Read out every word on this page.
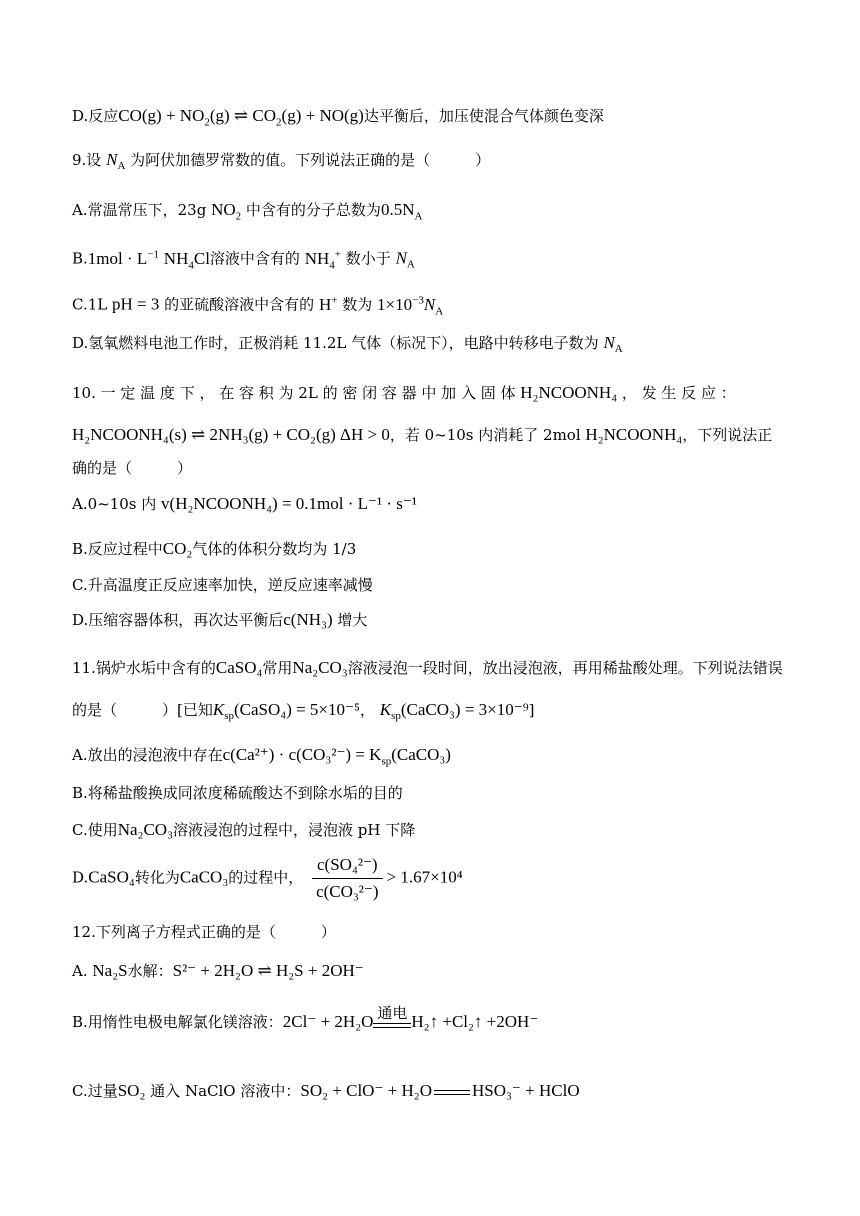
D.反应$CO(g) + NO_2(g)$ ⇌ $CO_2(g) + NO(g)$达平衡后，加压使混合气体颜色变深
9.设 $N_A$ 为阿伏加德罗常数的值。下列说法正确的是（　　　）
A.常温常压下，23g $NO_2$ 中含有的分子总数为$0.5N_A$
$B.1mol \cdot L^{-1}$ $NH_4Cl$溶液中含有的 $NH_4^+$ 数小于 $N_A$
C.1L pH = 3 的亚硫酸溶液中含有的 H+ 数为 $1\times 10^{-3}N_A$
D.氢氧燃料电池工作时，正极消耗 11.2L 气体（标况下），电路中转移电子数为 $N_A$
10. 一 定 温 度 下 ， 在 容 积 为 2L 的 密 闭 容 器 中 加 入 固 体 H₂NCOONH₄ ， 发 生 反 应 ：
H₂NCOONH₄(s) ⇌ 2NH₃(g) + CO₂(g) ΔH > 0，若 0~10s 内消耗了 2mol H₂NCOONH₄，下列说法正
确的是（　　　）
A.0~10s 内 v(H₂NCOONH₄) = 0.1mol · L⁻¹ · s⁻¹
B.反应过程中CO₂气体的体积分数均为 1/3
C.升高温度正反应速率加快，逆反应速率减慢
D.压缩容器体积，再次达平衡后c(NH₃) 增大
11.锅炉水垢中含有的CaSO₄常用Na₂CO₃溶液浸泡一段时间，放出浸泡液，再用稀盐酸处理。下列说法错误
的是（　　　）[已知$K_{sp}(CaSO_4) = 5\times 10^{-5}$， $K_{sp}(CaCO_3) = 3\times 10^{-9}$]
A.放出的浸泡液中存在$c(Ca^{2+}) \cdot c(CO_3^{2-}) = K_{sp}(CaCO_3)$
B.将稀盐酸换成同浓度稀硫酸达不到除水垢的目的
C.使用Na₂CO₃溶液浸泡的过程中，浸泡液 pH 下降
D.CaSO₄转化为CaCO₃的过程中， $\frac{\text{c(SO₄²⁻)}}{\text{c(CO₃²⁻)}} > 1.67\times 10^4$
12.下列离子方程式正确的是（　　　）
A. Na₂S水解：S²⁻ + 2H₂O ⇌ H₂S + 2OH⁻
B.用惰性电极电解氯化镁溶液：2Cl⁻ + 2H₂O 通电 H₂↑ +Cl₂↑ +2OH⁻
C.过量SO₂ 通入 NaClO 溶液中：SO₂ + ClO⁻ + H₂O HSO₃⁻ + HClO
